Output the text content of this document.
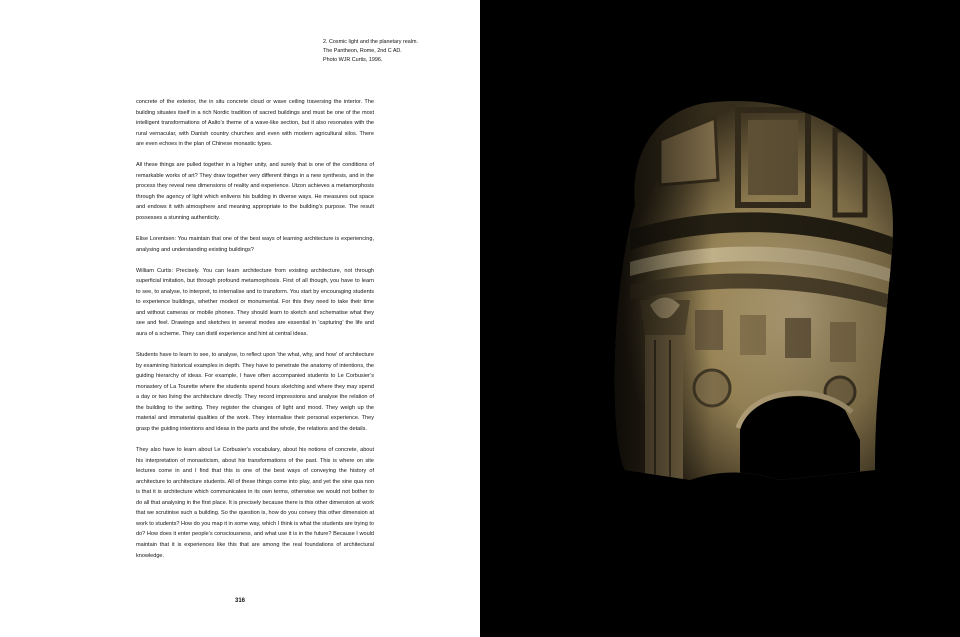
2. Cosmic light and the planetary realm.
The Pantheon, Rome, 2nd C AD.
Photo WJR Curtis, 1996.

concrete of the exterior, the in situ concrete cloud or wave ceiling traversing the interior. The building situates itself in a rich Nordic tradition of sacred buildings and must be one of the most intelligent transformations of Aalto’s theme of a wave-like section, but it also resonates with the rural vernacular, with Danish country churches and even with modern agricultural silos. There are even echoes in the plan of Chinese monastic types.

All these things are pulled together in a higher unity, and surely that is one of the conditions of remarkable works of art? They draw together very different things in a new synthesis, and in the process they reveal new dimensions of reality and experience. Utzon achieves a metamorphosis through the agency of light which enlivens his building in diverse ways. He measures out space and endows it with atmosphere and meaning appropriate to the building’s purpose. The result possesses a stunning authenticity.

Elise Lorentsen: You maintain that one of the best ways of learning architecture is experiencing, analysing and understanding existing buildings?

William Curtis: Precisely. You can learn architecture from existing architecture, not through superficial imitation, but through profound metamorphosis. First of all though, you have to learn to see, to analyse, to interpret, to internalise and to transform. You start by encouraging students to experience buildings, whether modest or monumental. For this they need to take their time and without cameras or mobile phones. They should learn to sketch and schematise what they see and feel. Drawings and sketches in several modes are essential in ‘capturing’ the life and aura of a scheme. They can distil experience and hint at central ideas.

Students have to learn to see, to analyse, to reflect upon ‘the what, why, and how’ of architecture by examining historical examples in depth. They have to penetrate the anatomy of intentions, the guiding hierarchy of ideas. For example, I have often accompanied students to Le Corbusier’s monastery of La Tourette where the students spend hours sketching and where they may spend a day or two living the architecture directly. They record impressions and analyse the relation of the building to the setting. They register the changes of light and mood. They weigh up the material and immaterial qualities of the work. They internalise their personal experience. They grasp the guiding intentions and ideas in the parts and the whole, the relations and the details.

They also have to learn about Le Corbusier’s vocabulary, about his notions of concrete, about his interpretation of monasticism, about his transformations of the past. This is where on site lectures come in and I find that this is one of the best ways of conveying the history of architecture to architecture students. All of these things come into play, and yet the sine qua non is that it is architecture which communicates in its own terms, otherwise we would not bother to do all that analysing in the first place. It is precisely because there is this other dimension at work that we scrutinise such a building. So the question is, how do you convey this other dimension at work to students? How do you map it in some way, which I think is what the students are trying to do? How does it enter people’s consciousness, and what use it is in the future? Because I would maintain that it is experiences like this that are among the real foundations of architectural knowledge.

316
